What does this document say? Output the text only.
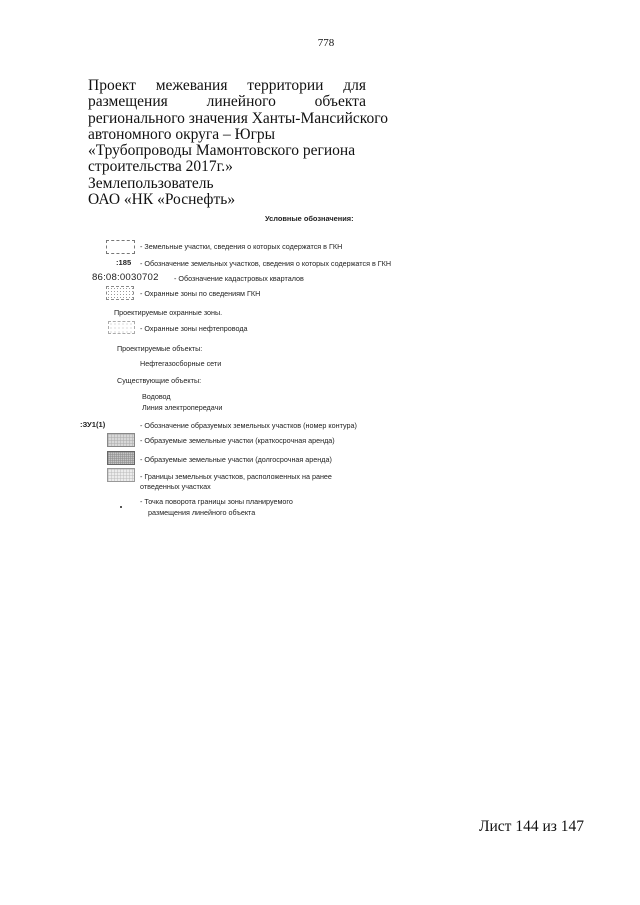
778
Проект межевания территории для
размещения линейного объекта
регионального значения Ханты-Мансийского
автономного округа – Югры
«Трубопроводы Мамонтовского региона
строительства 2017г.»
Землепользователь
ОАО «НК «Роснефть»
Условные обозначения:
- Земельные участки, сведения о которых содержатся в ГКН
:185 - Обозначение земельных участков, сведения о которых содержатся в ГКН
86:08:0030702 - Обозначение кадастровых кварталов
- Охранные зоны по сведениям ГКН
Проектируемые охранные зоны.
- Охранные зоны нефтепровода
Проектируемые объекты:
Нефтегазосборные сети
Существующие объекты:
Водовод
Линия электропередачи
:ЗУ1(1)	- Обозначение образуемых земельных участков (номер контура)
- Образуемые земельные участки (краткосрочная аренда)
- Образуемые земельные участки (долгосрочная аренда)
- Границы земельных участков, расположенных на ранее
отведенных участках
- Точка поворота границы зоны планируемого
размещения линейного объекта
Лист 144 из 147
